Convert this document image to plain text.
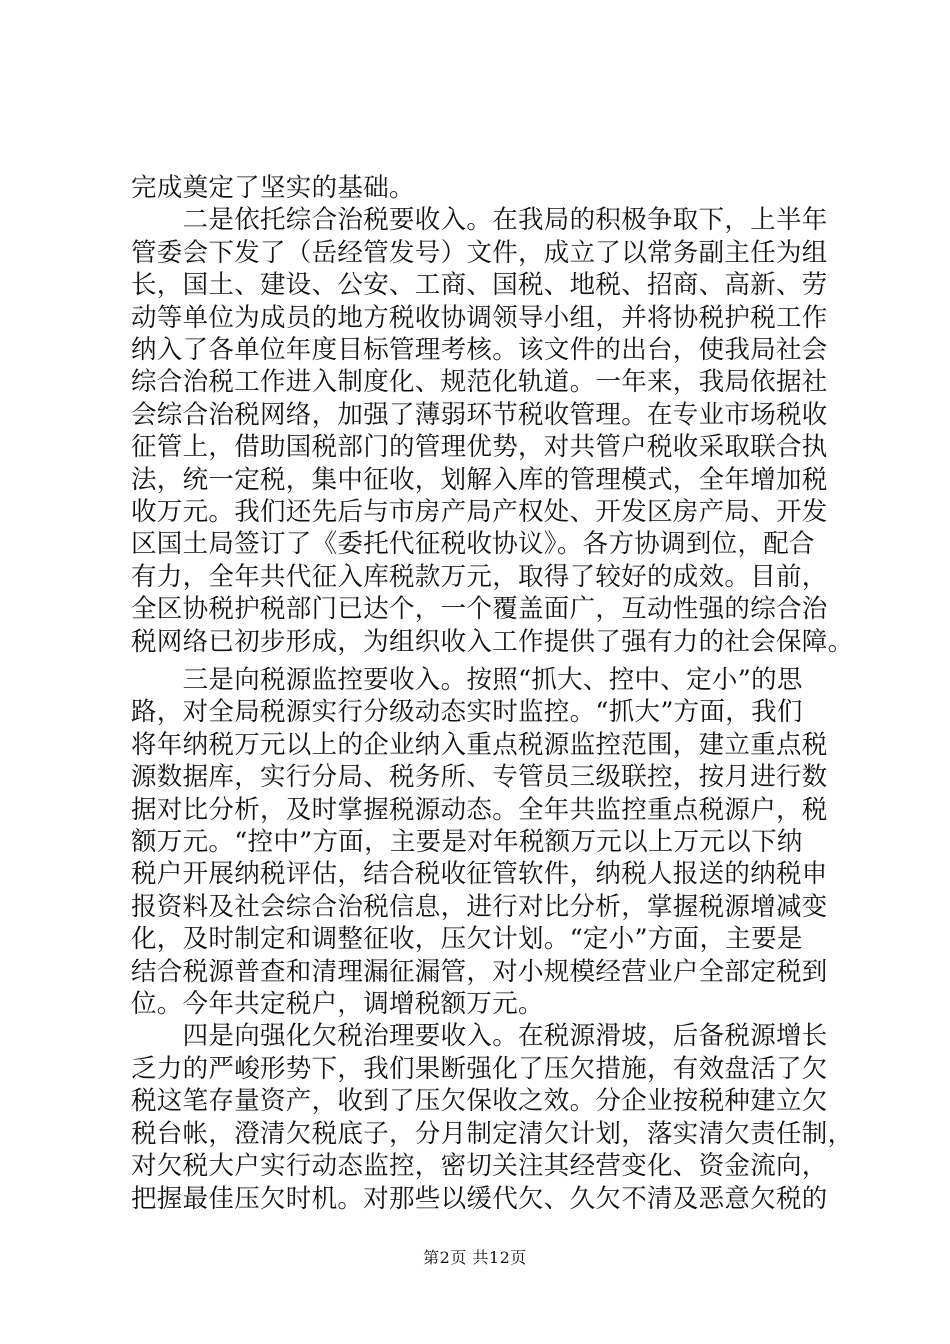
完成奠定了坚实的基础。
　　二是依托综合治税要收入。在我局的积极争取下，上半年
管委会下发了（岳经管发号）文件，成立了以常务副主任为组
长，国土、建设、公安、工商、国税、地税、招商、高新、劳
动等单位为成员的地方税收协调领导小组，并将协税护税工作
纳入了各单位年度目标管理考核。该文件的出台，使我局社会
综合治税工作进入制度化、规范化轨道。一年来，我局依据社
会综合治税网络，加强了薄弱环节税收管理。在专业市场税收
征管上，借助国税部门的管理优势，对共管户税收采取联合执
法，统一定税，集中征收，划解入库的管理模式，全年增加税
收万元。我们还先后与市房产局产权处、开发区房产局、开发
区国土局签订了《委托代征税收协议》。各方协调到位，配合
有力，全年共代征入库税款万元，取得了较好的成效。目前，
全区协税护税部门已达个，一个覆盖面广，互动性强的综合治
税网络已初步形成，为组织收入工作提供了强有力的社会保障。
　　三是向税源监控要收入。按照“抓大、控中、定小”的思
路，对全局税源实行分级动态实时监控。“抓大”方面，我们
将年纳税万元以上的企业纳入重点税源监控范围，建立重点税
源数据库，实行分局、税务所、专管员三级联控，按月进行数
据对比分析，及时掌握税源动态。全年共监控重点税源户，税
额万元。“控中”方面，主要是对年税额万元以上万元以下纳
税户开展纳税评估，结合税收征管软件，纳税人报送的纳税申
报资料及社会综合治税信息，进行对比分析，掌握税源增减变
化，及时制定和调整征收，压欠计划。“定小”方面，主要是
结合税源普查和清理漏征漏管，对小规模经营业户全部定税到
位。今年共定税户，调增税额万元。
　　四是向强化欠税治理要收入。在税源滑坡，后备税源增长
乏力的严峻形势下，我们果断强化了压欠措施，有效盘活了欠
税这笔存量资产，收到了压欠保收之效。分企业按税种建立欠
税台帐，澄清欠税底子，分月制定清欠计划，落实清欠责任制，
对欠税大户实行动态监控，密切关注其经营变化、资金流向，
把握最佳压欠时机。对那些以缓代欠、久欠不清及恶意欠税的
第2页 共12页
